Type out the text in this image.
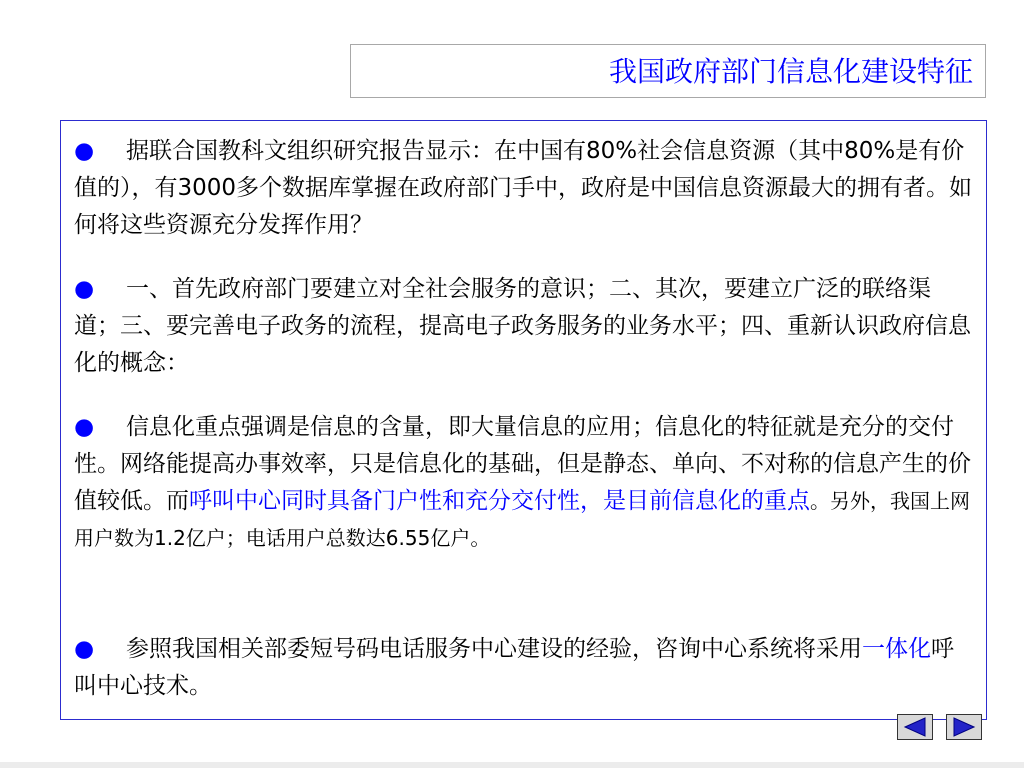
我国政府部门信息化建设特征

● 据联合国教科文组织研究报告显示：在中国有80%社会信息资源（其中80%是有价值的），有3000多个数据库掌握在政府部门手中，政府是中国信息资源最大的拥有者。如何将这些资源充分发挥作用？

● 一、首先政府部门要建立对全社会服务的意识；二、其次，要建立广泛的联络渠道；三、要完善电子政务的流程，提高电子政务服务的业务水平；四、重新认识政府信息化的概念：

● 信息化重点强调是信息的含量，即大量信息的应用；信息化的特征就是充分的交付性。网络能提高办事效率，只是信息化的基础，但是静态、单向、不对称的信息产生的价值较低。而呼叫中心同时具备门户性和充分交付性，是目前信息化的重点。另外，我国上网用户数为1.2亿户；电话用户总数达6.55亿户。

● 参照我国相关部委短号码电话服务中心建设的经验，咨询中心系统将采用一体化呼叫中心技术。
